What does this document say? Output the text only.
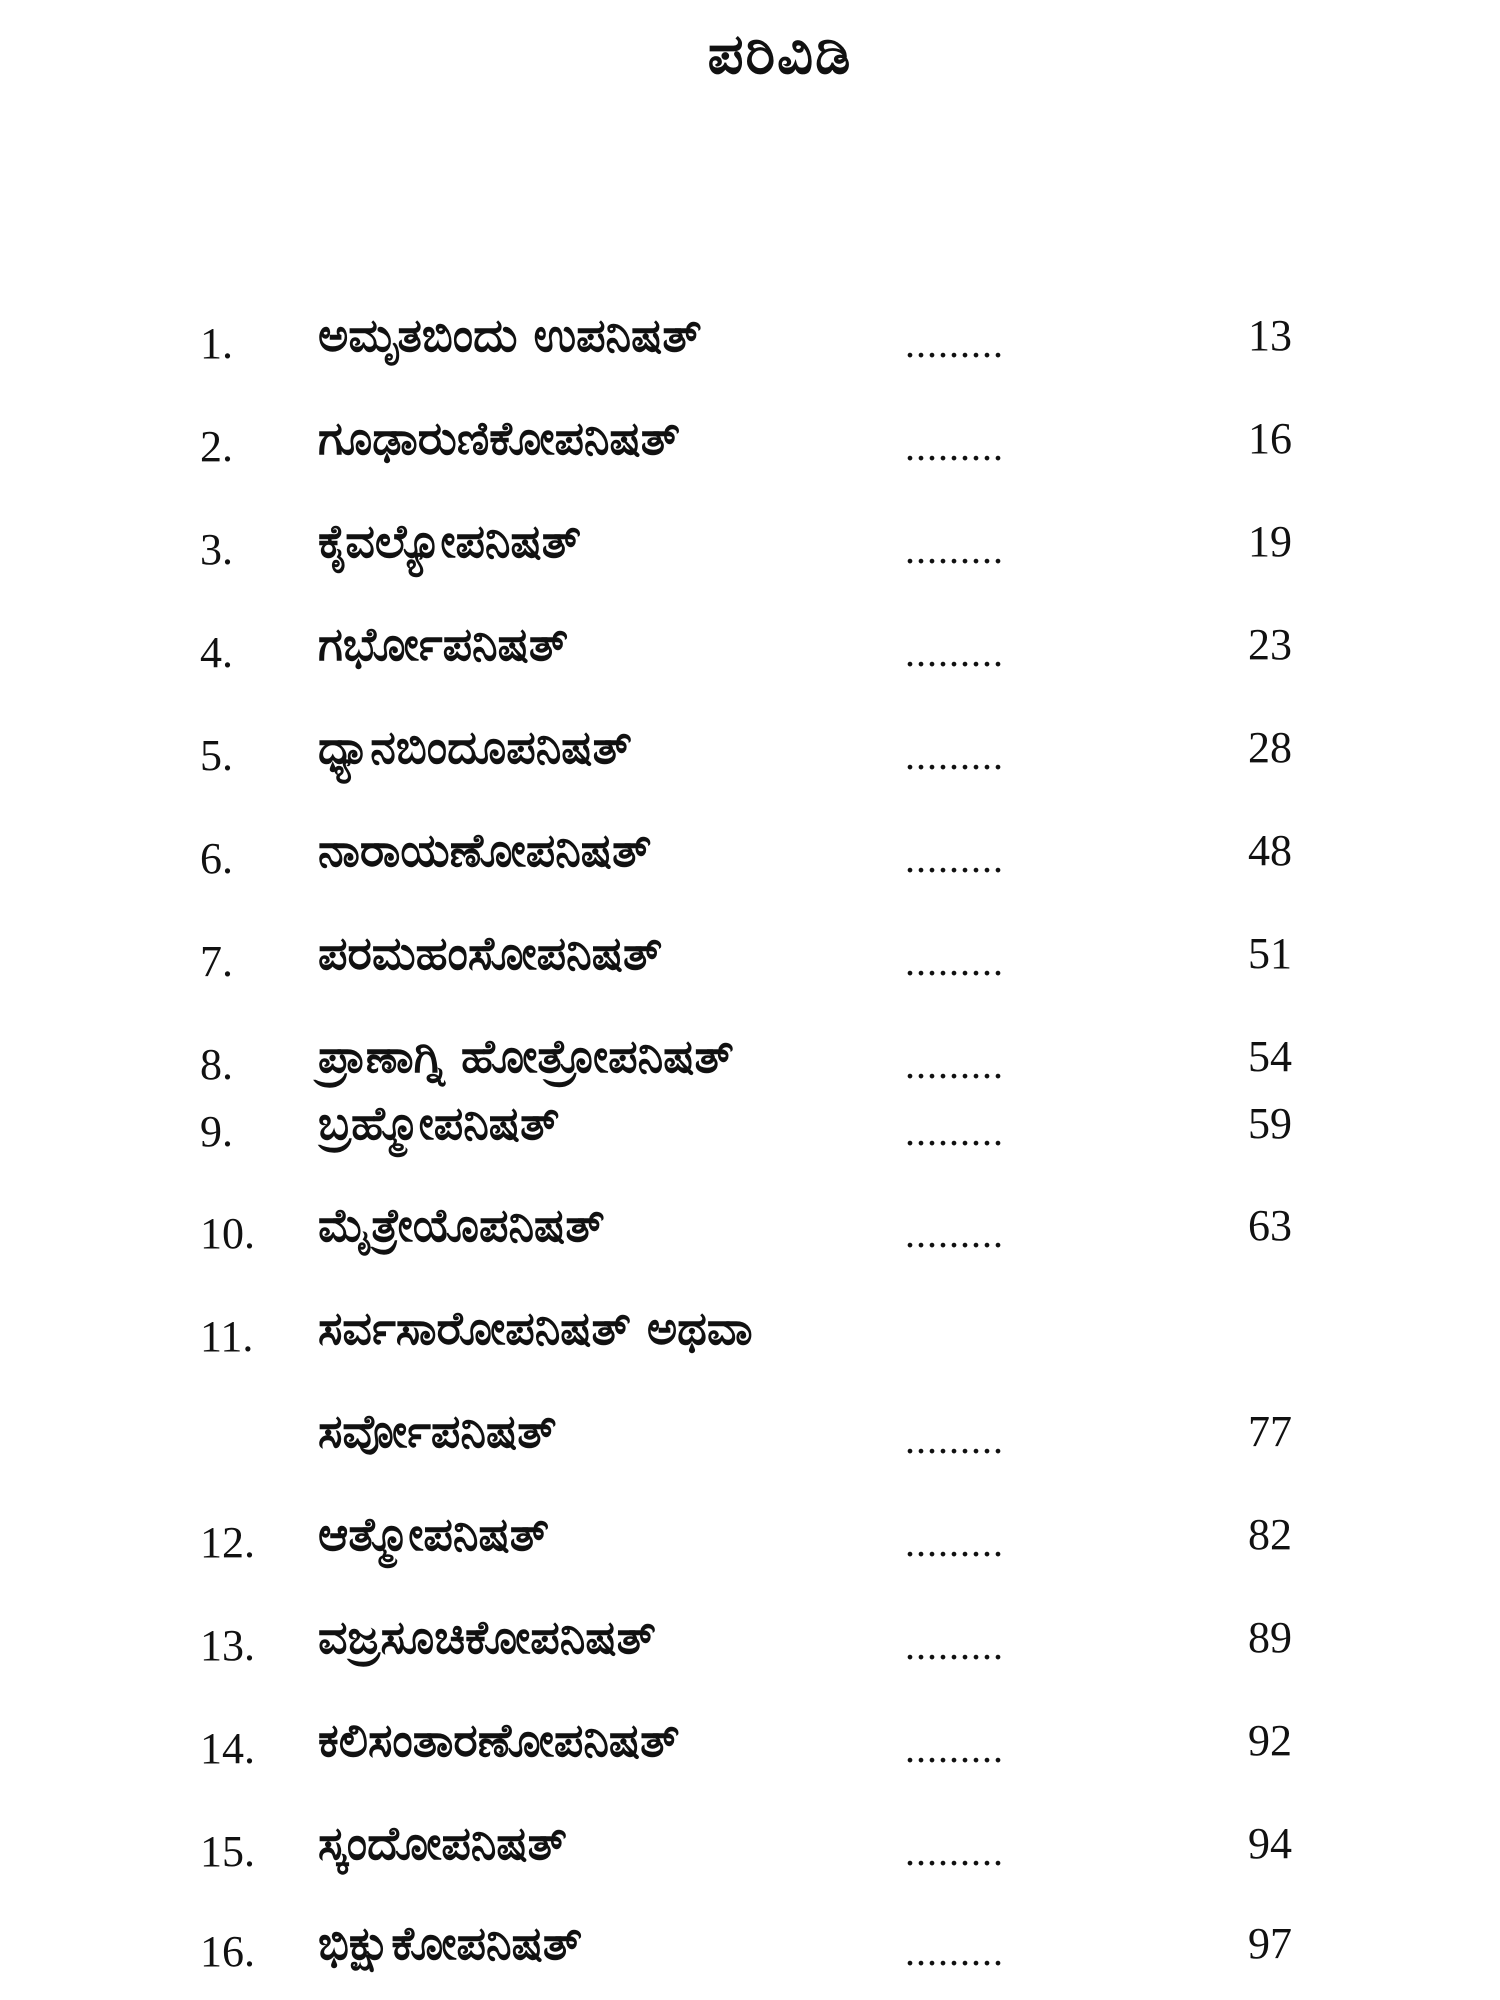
ಪರಿವಿಡಿ
1. ಅಮೃತಬಿಂದು ಉಪನಿಷತ್	.........	13
2. ಗೂಢಾರುಣಿಕೋಪನಿಷತ್	.........	16
3. ಕೈವಲ್ಯೋಪನಿಷತ್	.........	19
4. ಗರ್ಭೋಪನಿಷತ್	.........	23
5. ಧ್ಯಾನಬಿಂದೂಪನಿಷತ್	.........	28
6. ನಾರಾಯಣೋಪನಿಷತ್	.........	48
7. ಪರಮಹಂಸೋಪನಿಷತ್	.........	51
8. ಪ್ರಾಣಾಗ್ನಿ ಹೋತ್ರೋಪನಿಷತ್	.........	54
9. ಬ್ರಹ್ಮೋಪನಿಷತ್	.........	59
10. ಮೈತ್ರೇಯೊಪನಿಷತ್	.........	63
11. ಸರ್ವಸಾರೋಪನಿಷತ್ ಅಥವಾ
ಸರ್ವೋಪನಿಷತ್	.........	77
12. ಆತ್ಮೋಪನಿಷತ್	.........	82
13. ವಜ್ರಸೂಚಿಕೋಪನಿಷತ್	.........	89
14. ಕಲಿಸಂತಾರಣೋಪನಿಷತ್	.........	92
15. ಸ್ಕಂದೋಪನಿಷತ್	.........	94
16. ಭಿಕ್ಷುಕೋಪನಿಷತ್	.........	97
